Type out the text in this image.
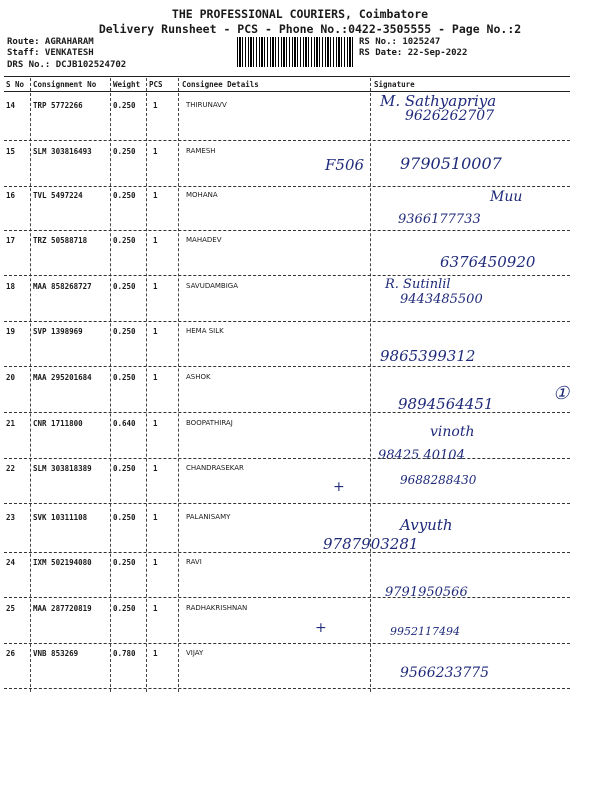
THE PROFESSIONAL COURIERS, Coimbatore
Delivery Runsheet - PCS - Phone No.:0422-3505555 - Page No.:2
Route: AGRAHARAM
Staff: VENKATESH
DRS No.: DCJB102524702
RS No.: 1025247
RS Date: 22-Sep-2022
S No Consignment No Weight PCS	Consignee Details	Signature
14 TRP 5772266	0.250 1	THIRUNAVV	M. Sathyapriya
9626262707
15 SLM 303816493	0.250 1	RAMESH
9790510007
F506
16 TVL 5497224	0.250 1	MOHANA	Muu
9366177733
17 TRZ 50588718	0.250 1	MAHADEV
6376450920
18 MAA 858268727	0.250 1	SAVUDAMBIGA	R. Sutinlil
9443485500
19 SVP 1398969	0.250 1	HEMA SILK
9865399312
20 MAA 295201684	0.250 1	ASHOK
9894564451	①
21 CNR 1711800	0.640 1	BOOPATHIRAJ
vinoth
98425 40104
22 SLM 303818389	0.250 1	CHANDRASEKAR
9688288430
+
23 SVK 10311108	0.250 1	PALANISAMY	Avyuth
9787903281
24 IXM 502194080	0.250 1	RAVI
9791950566
25 MAA 287720819	0.250 1	RADHAKRISHNAN
9952117494
+
26 VNB 853269	0.780 1	VIJAY
9566233775
